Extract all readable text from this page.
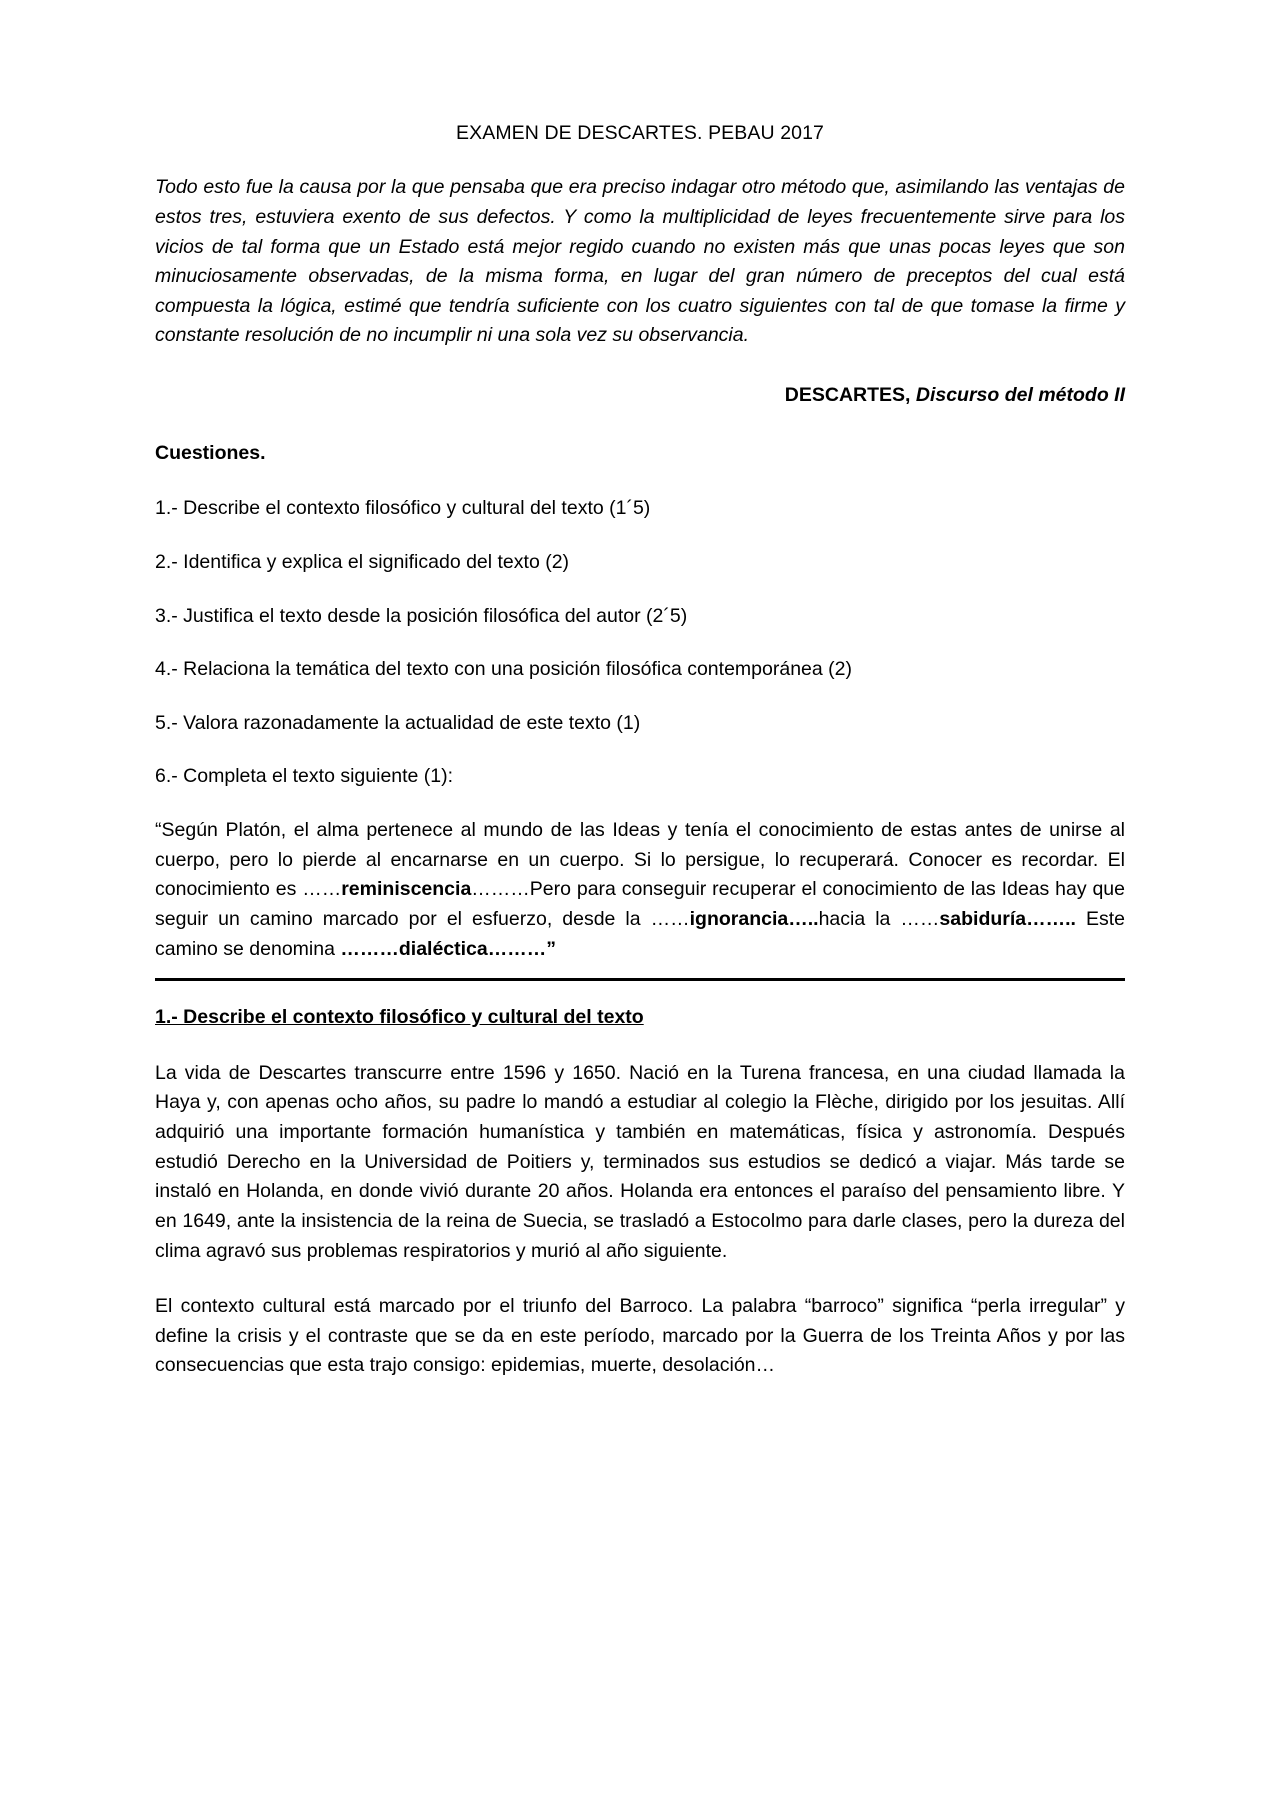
EXAMEN DE DESCARTES. PEBAU 2017

Todo esto fue la causa por la que pensaba que era preciso indagar otro método que, asimilando las ventajas de estos tres, estuviera exento de sus defectos. Y como la multiplicidad de leyes frecuentemente sirve para los vicios de tal forma que un Estado está mejor regido cuando no existen más que unas pocas leyes que son minuciosamente observadas, de la misma forma, en lugar del gran número de preceptos del cual está compuesta la lógica, estimé que tendría suficiente con los cuatro siguientes con tal de que tomase la firme y constante resolución de no incumplir ni una sola vez su observancia.

DESCARTES, Discurso del método II

Cuestiones.

1.- Describe el contexto filosófico y cultural del texto (1´5)

2.- Identifica y explica el significado del texto (2)

3.- Justifica el texto desde la posición filosófica del autor (2´5)

4.- Relaciona la temática del texto con una posición filosófica contemporánea (2)

5.- Valora razonadamente la actualidad de este texto (1)

6.- Completa el texto siguiente (1):

“Según Platón, el alma pertenece al mundo de las Ideas y tenía el conocimiento de estas antes de unirse al cuerpo, pero lo pierde al encarnarse en un cuerpo. Si lo persigue, lo recuperará. Conocer es recordar. El conocimiento es ……reminiscencia………Pero para conseguir recuperar el conocimiento de las Ideas hay que seguir un camino marcado por el esfuerzo, desde la ……ignorancia…..hacia la ……sabiduría…….. Este camino se denomina ………dialéctica………”

1.- Describe el contexto filosófico y cultural del texto

La vida de Descartes transcurre entre 1596 y 1650. Nació en la Turena francesa, en una ciudad llamada la Haya y, con apenas ocho años, su padre lo mandó a estudiar al colegio la Flèche, dirigido por los jesuitas. Allí adquirió una importante formación humanística y también en matemáticas, física y astronomía. Después estudió Derecho en la Universidad de Poitiers y, terminados sus estudios se dedicó a viajar. Más tarde se instaló en Holanda, en donde vivió durante 20 años. Holanda era entonces el paraíso del pensamiento libre. Y en 1649, ante la insistencia de la reina de Suecia, se trasladó a Estocolmo para darle clases, pero la dureza del clima agravó sus problemas respiratorios y murió al año siguiente.

El contexto cultural está marcado por el triunfo del Barroco. La palabra “barroco” significa “perla irregular” y define la crisis y el contraste que se da en este período, marcado por la Guerra de los Treinta Años y por las consecuencias que esta trajo consigo: epidemias, muerte, desolación…
